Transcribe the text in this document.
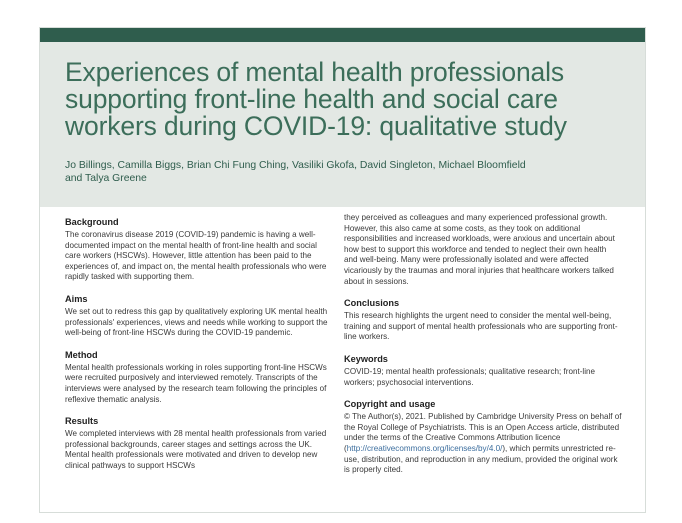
Experiences of mental health professionals supporting front-line health and social care workers during COVID-19: qualitative study
Jo Billings, Camilla Biggs, Brian Chi Fung Ching, Vasiliki Gkofa, David Singleton, Michael Bloomfield and Talya Greene
Background

The coronavirus disease 2019 (COVID-19) pandemic is having a well-documented impact on the mental health of front-line health and social care workers (HSCWs). However, little attention has been paid to the experiences of, and impact on, the mental health professionals who were rapidly tasked with supporting them.

Aims

We set out to redress this gap by qualitatively exploring UK mental health professionals' experiences, views and needs while working to support the well-being of front-line HSCWs during the COVID-19 pandemic.

Method

Mental health professionals working in roles supporting front-line HSCWs were recruited purposively and interviewed remotely. Transcripts of the interviews were analysed by the research team following the principles of reflexive thematic analysis.

Results

We completed interviews with 28 mental health professionals from varied professional backgrounds, career stages and settings across the UK. Mental health professionals were motivated and driven to develop new clinical pathways to support HSCWs

they perceived as colleagues and many experienced professional growth. However, this also came at some costs, as they took on additional responsibilities and increased workloads, were anxious and uncertain about how best to support this workforce and tended to neglect their own health and well-being. Many were professionally isolated and were affected vicariously by the traumas and moral injuries that healthcare workers talked about in sessions.

Conclusions

This research highlights the urgent need to consider the mental well-being, training and support of mental health professionals who are supporting front-line workers.

Keywords

COVID-19; mental health professionals; qualitative research; front-line workers; psychosocial interventions.

Copyright and usage

© The Author(s), 2021. Published by Cambridge University Press on behalf of the Royal College of Psychiatrists. This is an Open Access article, distributed under the terms of the Creative Commons Attribution licence (http://creativecommons.org/licenses/by/4.0/), which permits unrestricted re-use, distribution, and reproduction in any medium, provided the original work is properly cited.
